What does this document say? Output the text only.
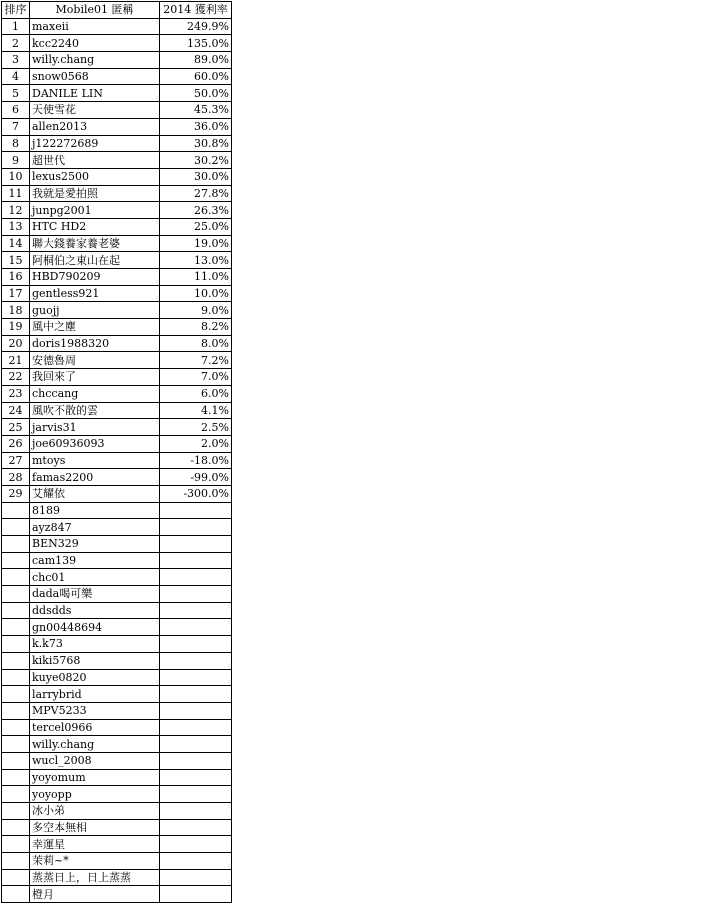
排序	Mobile01 匿稱	2014 獲利率
1	maxeii	249.9%
2	kcc2240	135.0%
3	willy.chang	89.0%
4	snow0568	60.0%
5	DANILE LIN	50.0%
6	天使雪花	45.3%
7	allen2013	36.0%
8	j122272689	30.8%
9	超世代	30.2%
10	lexus2500	30.0%
11	我就是愛拍照	27.8%
12	junpg2001	26.3%
13	HTC HD2	25.0%
14	聯大錢養家養老婆	19.0%
15	阿桐伯之東山在起	13.0%
16	HBD790209	11.0%
17	gentless921	10.0%
18	guojj	9.0%
19	風中之塵	8.2%
20	doris1988320	8.0%
21	安德魯周	7.2%
22	我回來了	7.0%
23	chccang	6.0%
24	風吹不散的雲	4.1%
25	jarvis31	2.5%
26	joe60936093	2.0%
27	mtoys	-18.0%
28	famas2200	-99.0%
29	艾耀依	-300.0%
	8189	
	ayz847	
	BEN329	
	cam139	
	chc01	
	dada喝可樂	
	ddsdds	
	gn00448694	
	k.k73	
	kiki5768	
	kuye0820	
	larrybrid	
	MPV5233	
	tercel0966	
	willy.chang	
	wucl_2008	
	yoyomum	
	yoyopp	
	冰小弟	
	多空本無相	
	幸運星	
	茉莉~*	
	蒸蒸日上，日上蒸蒸	
	橙月	
